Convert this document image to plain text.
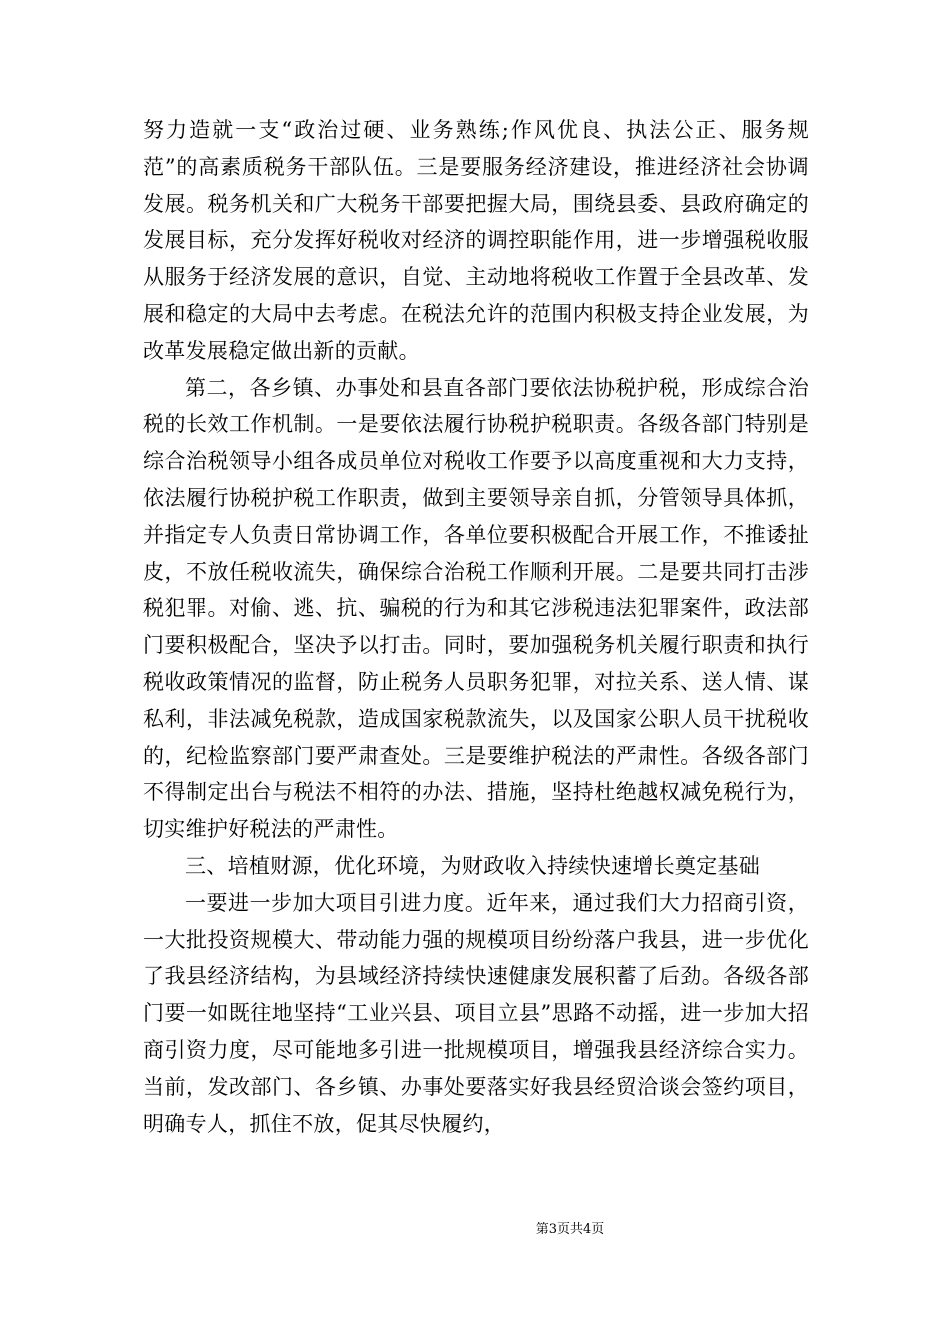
努力造就一支“政治过硬、业务熟练;作风优良、执法公正、服务规范”的高素质税务干部队伍。三是要服务经济建设，推进经济社会协调发展。税务机关和广大税务干部要把握大局，围绕县委、县政府确定的发展目标，充分发挥好税收对经济的调控职能作用，进一步增强税收服从服务于经济发展的意识，自觉、主动地将税收工作置于全县改革、发展和稳定的大局中去考虑。在税法允许的范围内积极支持企业发展，为改革发展稳定做出新的贡献。

第二，各乡镇、办事处和县直各部门要依法协税护税，形成综合治税的长效工作机制。一是要依法履行协税护税职责。各级各部门特别是综合治税领导小组各成员单位对税收工作要予以高度重视和大力支持，依法履行协税护税工作职责，做到主要领导亲自抓，分管领导具体抓，并指定专人负责日常协调工作，各单位要积极配合开展工作，不推诿扯皮，不放任税收流失，确保综合治税工作顺利开展。二是要共同打击涉税犯罪。对偷、逃、抗、骗税的行为和其它涉税违法犯罪案件，政法部门要积极配合，坚决予以打击。同时，要加强税务机关履行职责和执行税收政策情况的监督，防止税务人员职务犯罪，对拉关系、送人情、谋私利，非法减免税款，造成国家税款流失，以及国家公职人员干扰税收的，纪检监察部门要严肃查处。三是要维护税法的严肃性。各级各部门不得制定出台与税法不相符的办法、措施，坚持杜绝越权减免税行为，切实维护好税法的严肃性。

三、培植财源，优化环境，为财政收入持续快速增长奠定基础

一要进一步加大项目引进力度。近年来，通过我们大力招商引资，一大批投资规模大、带动能力强的规模项目纷纷落户我县，进一步优化了我县经济结构，为县域经济持续快速健康发展积蓄了后劲。各级各部门要一如既往地坚持“工业兴县、项目立县”思路不动摇，进一步加大招商引资力度，尽可能地多引进一批规模项目，增强我县经济综合实力。当前，发改部门、各乡镇、办事处要落实好我县经贸洽谈会签约项目，明确专人，抓住不放，促其尽快履约，

第3页共4页
